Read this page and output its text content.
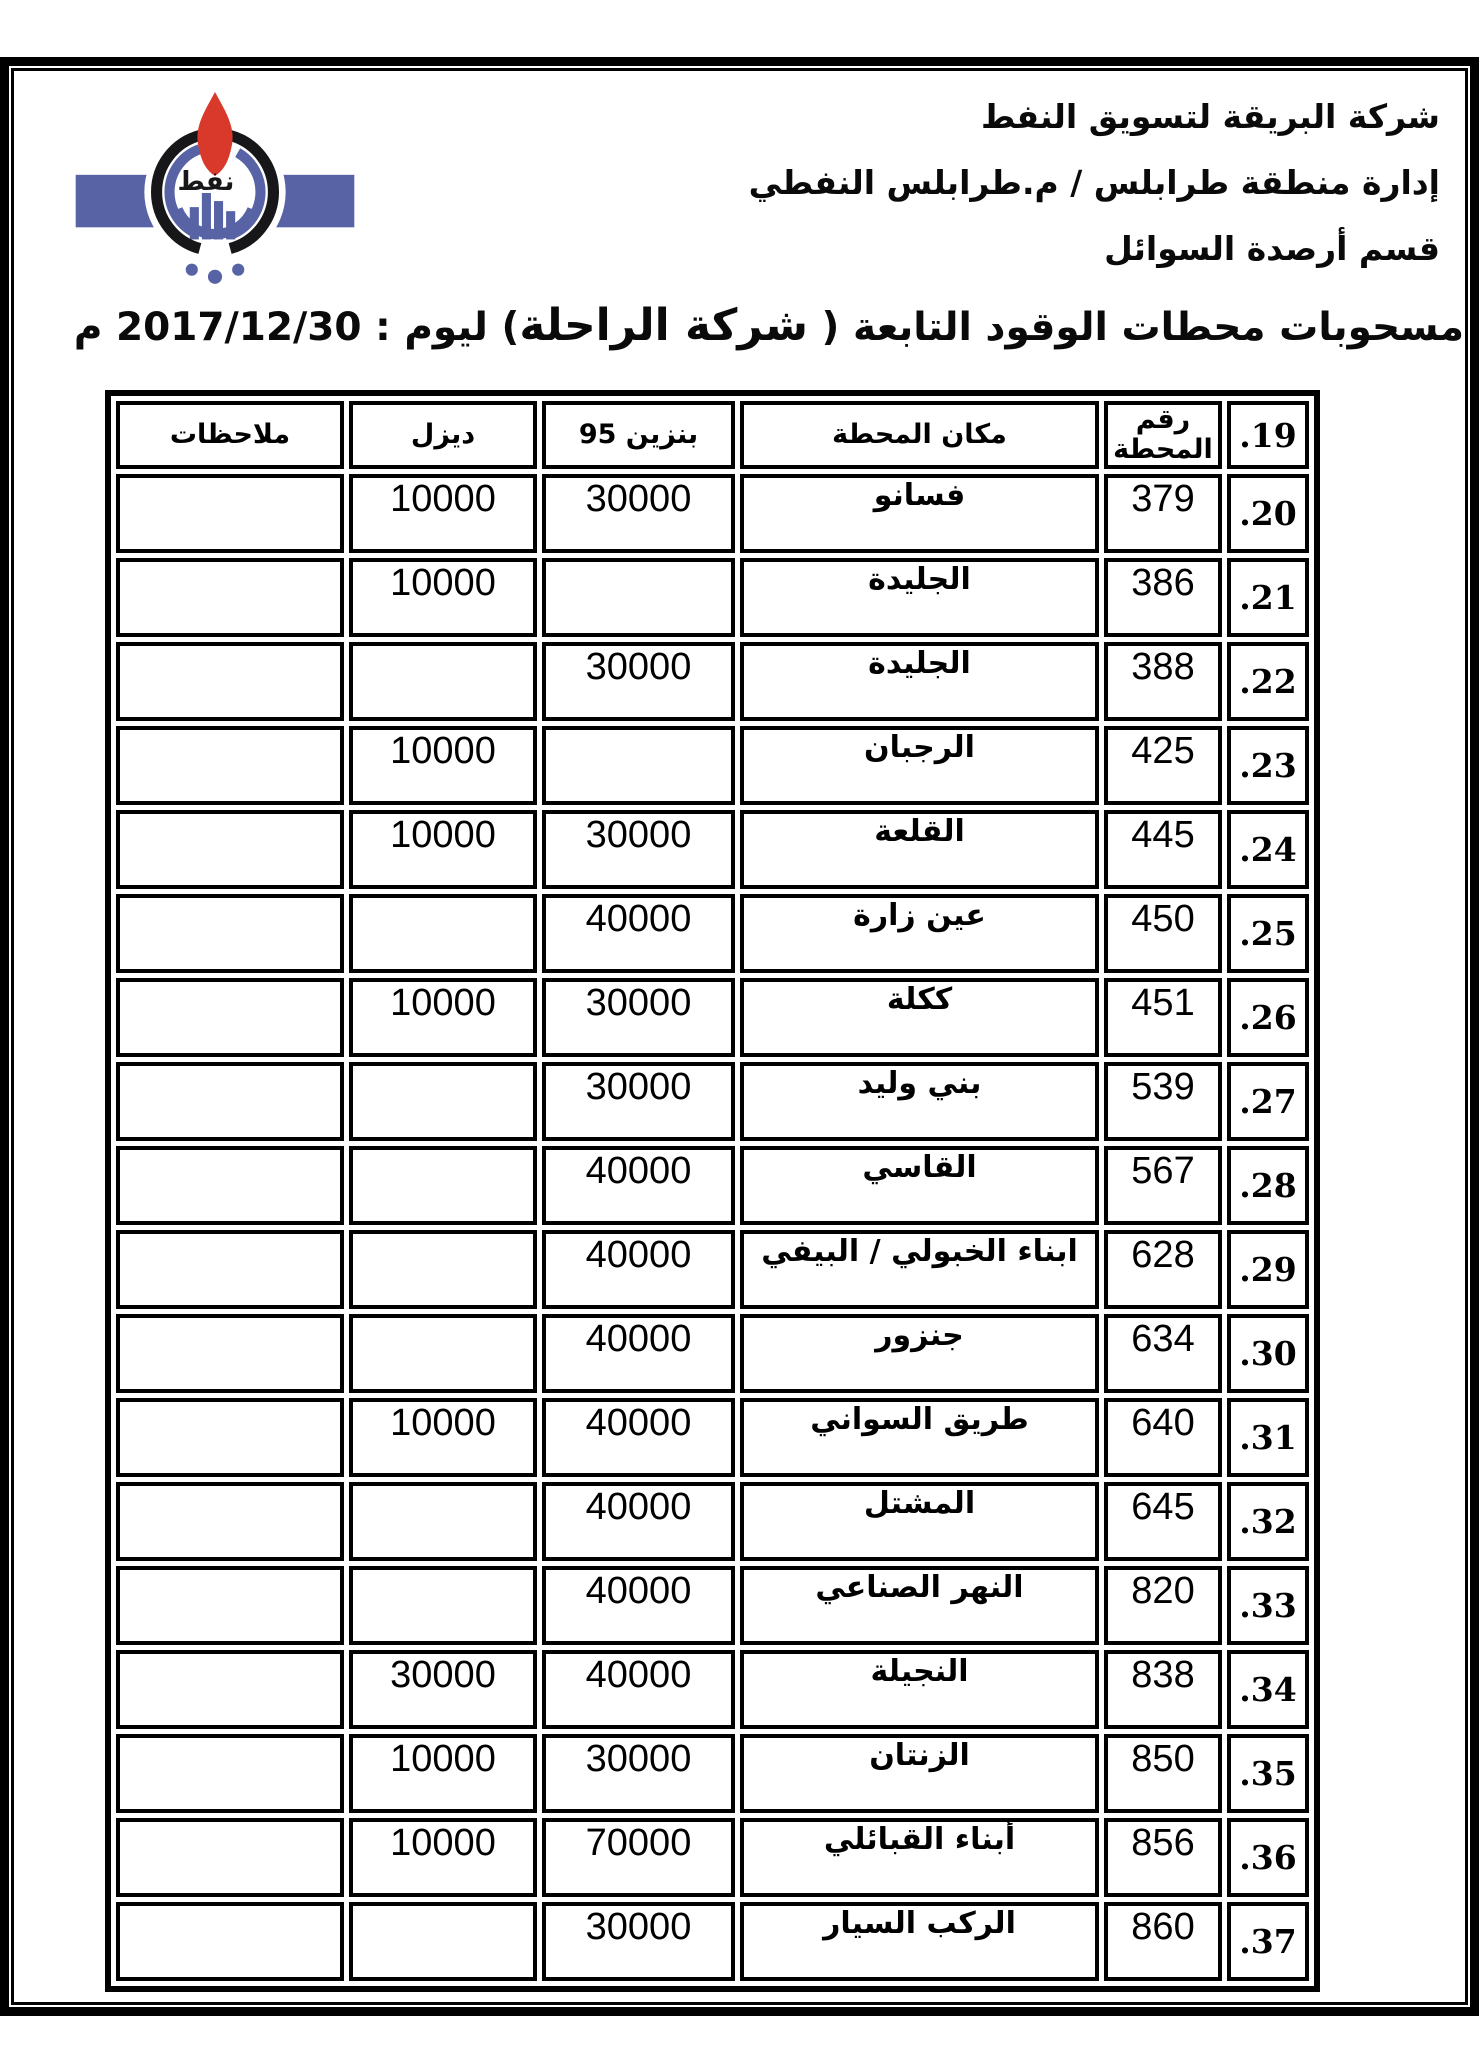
نفط
شركة البريقة لتسويق النفط
إدارة منطقة طرابلس / م.طرابلس النفطي
قسم أرصدة السوائل
مسحوبات محطات الوقود التابعة ( شركة الراحلة) ليوم : 2017/12/30 م
.19	رقم المحطة	مكان المحطة	بنزين 95	ديزل	ملاحظات
.20	379	فسانو	30000	10000	
.21	386	الجليدة		10000	
.22	388	الجليدة	30000		
.23	425	الرجبان		10000	
.24	445	القلعة	30000	10000	
.25	450	عين زارة	40000		
.26	451	ككلة	30000	10000	
.27	539	بني وليد	30000		
.28	567	القاسي	40000		
.29	628	ابناء الخبولي / البيفي	40000		
.30	634	جنزور	40000		
.31	640	طريق السواني	40000	10000	
.32	645	المشتل	40000		
.33	820	النهر الصناعي	40000		
.34	838	النجيلة	40000	30000	
.35	850	الزنتان	30000	10000	
.36	856	أبناء القبائلي	70000	10000	
.37	860	الركب السيار	30000		
